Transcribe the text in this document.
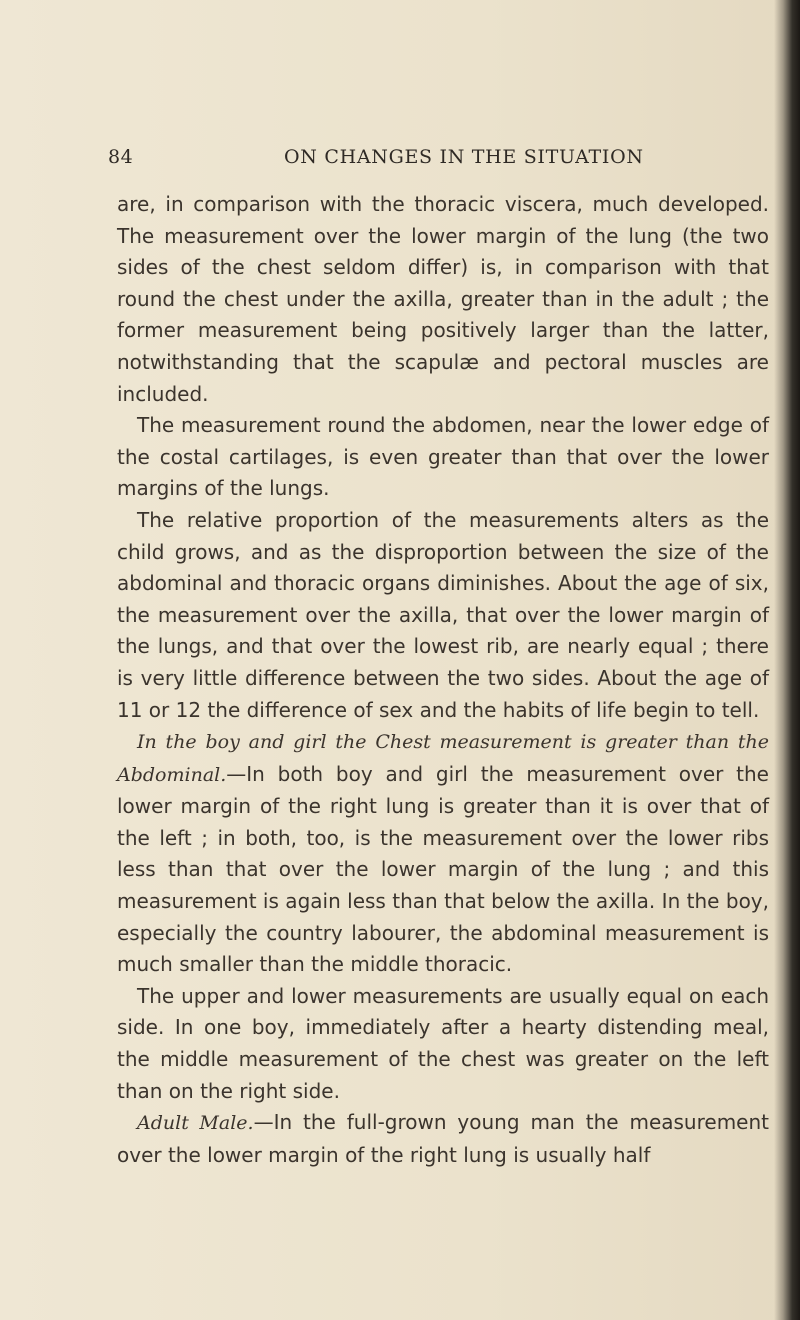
84	ON CHANGES IN THE SITUATION

are, in comparison with the thoracic viscera, much developed. The measurement over the lower margin of the lung (the two sides of the chest seldom differ) is, in comparison with that round the chest under the axilla, greater than in the adult ; the former measurement being positively larger than the latter, notwithstanding that the scapulæ and pectoral muscles are included.

The measurement round the abdomen, near the lower edge of the costal cartilages, is even greater than that over the lower margins of the lungs.

The relative proportion of the measurements alters as the child grows, and as the disproportion between the size of the abdominal and thoracic organs diminishes. About the age of six, the measurement over the axilla, that over the lower margin of the lungs, and that over the lowest rib, are nearly equal ; there is very little difference between the two sides. About the age of 11 or 12 the difference of sex and the habits of life begin to tell.

In the boy and girl the Chest measurement is greater than the Abdominal.—In both boy and girl the measurement over the lower margin of the right lung is greater than it is over that of the left ; in both, too, is the measurement over the lower ribs less than that over the lower margin of the lung ; and this measurement is again less than that below the axilla. In the boy, especially the country labourer, the abdominal measurement is much smaller than the middle thoracic.

The upper and lower measurements are usually equal on each side. In one boy, immediately after a hearty distending meal, the middle measurement of the chest was greater on the left than on the right side.

Adult Male.—In the full-grown young man the measurement over the lower margin of the right lung is usually half
